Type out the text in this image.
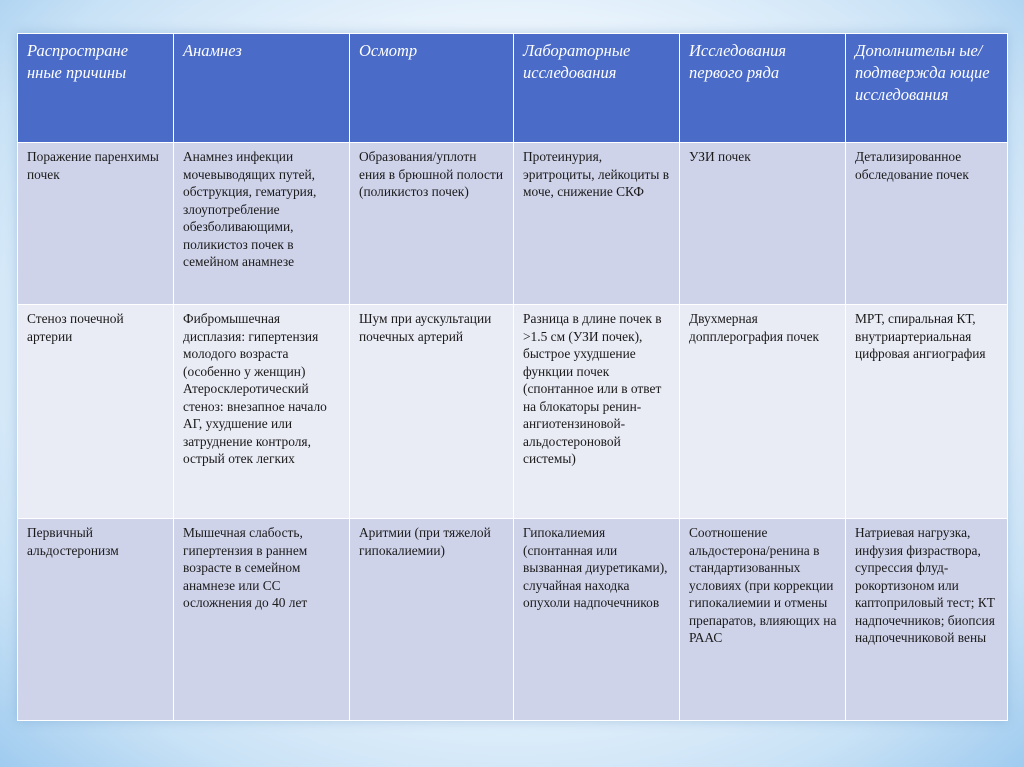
Распростране нные причины	Анамнез	Осмотр	Лабораторные исследования	Исследования первого ряда	Дополнительн ые/подтвержда ющие исследования
Поражение паренхимы почек	Анамнез инфекции мочевыводящих путей, обструкция, гематурия, злоупотребление обезболивающими, поликистоз почек в семейном анамнезе	Образования/уплотн ения в брюшной полости (поликистоз почек)	Протеинурия, эритроциты, лейкоциты в моче, снижение СКФ	УЗИ почек	Детализированное обследование почек
Стеноз почечной артерии	Фибромышечная дисплазия: гипертензия молодого возраста (особенно у женщин) Атеросклеротический стеноз: внезапное начало АГ, ухудшение или затруднение контроля, острый отек легких	Шум при аускультации почечных артерий	Разница в длине почек в >1.5 см (УЗИ почек), быстрое ухудшение функции почек (спонтанное или в ответ на блокаторы ренин-ангиотензиновой-альдостероновой системы)	Двухмерная допплерография почек	МРТ, спиральная КТ, внутриартериальная цифровая ангиография
Первичный альдостеронизм	Мышечная слабость, гипертензия в раннем возрасте в семейном анамнезе или СС осложнения до 40 лет	Аритмии (при тяжелой гипокалиемии)	Гипокалиемия (спонтанная или вызванная диуретиками), случайная находка опухоли надпочечников	Соотношение альдостерона/ренина в стандартизованных условиях (при коррекции гипокалиемии и отмены препаратов, влияющих на РААС	Натриевая нагрузка, инфузия физраствора, супрессия флуд-рокортизоном или каптоприловый тест; КТ надпочечников; биопсия надпочечниковой вены
